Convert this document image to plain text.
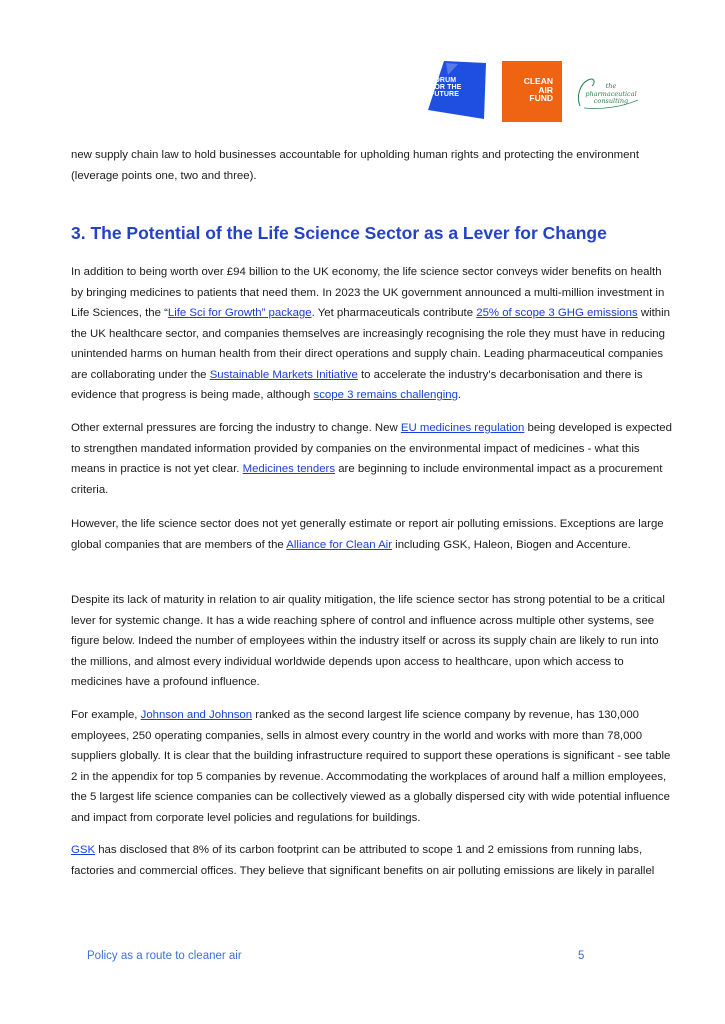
FORUM
FOR THE
FUTURE
CLEAN
AIR
FUND
the
pharmaceutical
consulting

new supply chain law to hold businesses accountable for upholding human rights and protecting the environment
(leverage points one, two and three).

3. The Potential of the Life Science Sector as a Lever for Change

In addition to being worth over £94 billion to the UK economy, the life science sector conveys wider benefits on health by bringing medicines to patients that need them. In 2023 the UK government announced a multi-million investment in Life Sciences, the “Life Sci for Growth” package. Yet pharmaceuticals contribute 25% of scope 3 GHG emissions within the UK healthcare sector, and companies themselves are increasingly recognising the role they must have in reducing unintended harms on human health from their direct operations and supply chain. Leading pharmaceutical companies are collaborating under the Sustainable Markets Initiative to accelerate the industry’s decarbonisation and there is evidence that progress is being made, although scope 3 remains challenging.

Other external pressures are forcing the industry to change. New EU medicines regulation being developed is expected to strengthen mandated information provided by companies on the environmental impact of medicines - what this means in practice is not yet clear. Medicines tenders are beginning to include environmental impact as a procurement criteria.

However, the life science sector does not yet generally estimate or report air polluting emissions. Exceptions are large global companies that are members of the Alliance for Clean Air including GSK, Haleon, Biogen and Accenture.

Despite its lack of maturity in relation to air quality mitigation, the life science sector has strong potential to be a critical lever for systemic change. It has a wide reaching sphere of control and influence across multiple other systems, see figure below. Indeed the number of employees within the industry itself or across its supply chain are likely to run into the millions, and almost every individual worldwide depends upon access to healthcare, upon which access to medicines have a profound influence.

For example, Johnson and Johnson ranked as the second largest life science company by revenue, has 130,000 employees, 250 operating companies, sells in almost every country in the world and works with more than 78,000 suppliers globally. It is clear that the building infrastructure required to support these operations is significant - see table 2 in the appendix for top 5 companies by revenue. Accommodating the workplaces of around half a million employees, the 5 largest life science companies can be collectively viewed as a globally dispersed city with wide potential influence and impact from corporate level policies and regulations for buildings.

GSK has disclosed that 8% of its carbon footprint can be attributed to scope 1 and 2 emissions from running labs, factories and commercial offices. They believe that significant benefits on air polluting emissions are likely in parallel

Policy as a route to cleaner air	5
